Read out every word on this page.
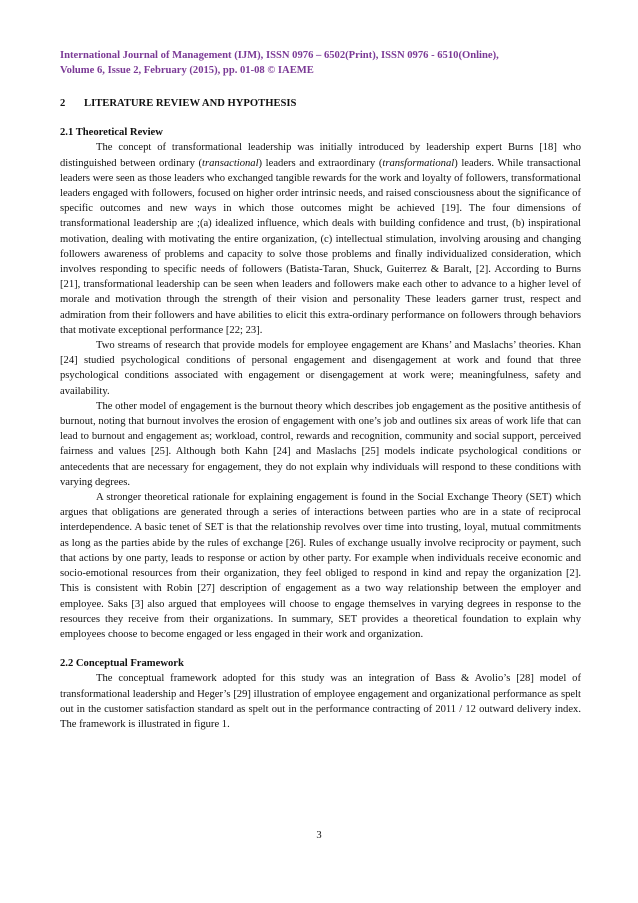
International Journal of Management (IJM), ISSN 0976 – 6502(Print), ISSN 0976 - 6510(Online),
Volume 6, Issue 2, February (2015), pp. 01-08 © IAEME
2 LITERATURE REVIEW AND HYPOTHESIS
2.1 Theoretical Review

The concept of transformational leadership was initially introduced by leadership expert Burns [18] who distinguished between ordinary (transactional) leaders and extraordinary (transformational) leaders. While transactional leaders were seen as those leaders who exchanged tangible rewards for the work and loyalty of followers, transformational leaders engaged with followers, focused on higher order intrinsic needs, and raised consciousness about the significance of specific outcomes and new ways in which those outcomes might be achieved [19]. The four dimensions of transformational leadership are ;(a) idealized influence, which deals with building confidence and trust, (b) inspirational motivation, dealing with motivating the entire organization, (c) intellectual stimulation, involving arousing and changing followers awareness of problems and capacity to solve those problems and finally individualized consideration, which involves responding to specific needs of followers (Batista-Taran, Shuck, Guiterrez & Baralt, [2]. According to Burns [21], transformational leadership can be seen when leaders and followers make each other to advance to a higher level of morale and motivation through the strength of their vision and personality These leaders garner trust, respect and admiration from their followers and have abilities to elicit this extra-ordinary performance on followers through behaviors that motivate exceptional performance [22; 23].

Two streams of research that provide models for employee engagement are Khans’ and Maslachs’ theories. Khan [24] studied psychological conditions of personal engagement and disengagement at work and found that three psychological conditions associated with engagement or disengagement at work were; meaningfulness, safety and availability.

The other model of engagement is the burnout theory which describes job engagement as the positive antithesis of burnout, noting that burnout involves the erosion of engagement with one’s job and outlines six areas of work life that can lead to burnout and engagement as; workload, control, rewards and recognition, community and social support, perceived fairness and values [25]. Although both Kahn [24] and Maslachs [25] models indicate psychological conditions or antecedents that are necessary for engagement, they do not explain why individuals will respond to these conditions with varying degrees.

A stronger theoretical rationale for explaining engagement is found in the Social Exchange Theory (SET) which argues that obligations are generated through a series of interactions between parties who are in a state of reciprocal interdependence. A basic tenet of SET is that the relationship revolves over time into trusting, loyal, mutual commitments as long as the parties abide by the rules of exchange [26]. Rules of exchange usually involve reciprocity or payment, such that actions by one party, leads to response or action by other party. For example when individuals receive economic and socio-emotional resources from their organization, they feel obliged to respond in kind and repay the organization [2]. This is consistent with Robin [27] description of engagement as a two way relationship between the employer and employee. Saks [3] also argued that employees will choose to engage themselves in varying degrees in response to the resources they receive from their organizations. In summary, SET provides a theoretical foundation to explain why employees choose to become engaged or less engaged in their work and organization.

2.2 Conceptual Framework

The conceptual framework adopted for this study was an integration of Bass & Avolio’s [28] model of transformational leadership and Heger’s [29] illustration of employee engagement and organizational performance as spelt out in the customer satisfaction standard as spelt out in the performance contracting of 2011 / 12 outward delivery index. The framework is illustrated in figure 1.

3
